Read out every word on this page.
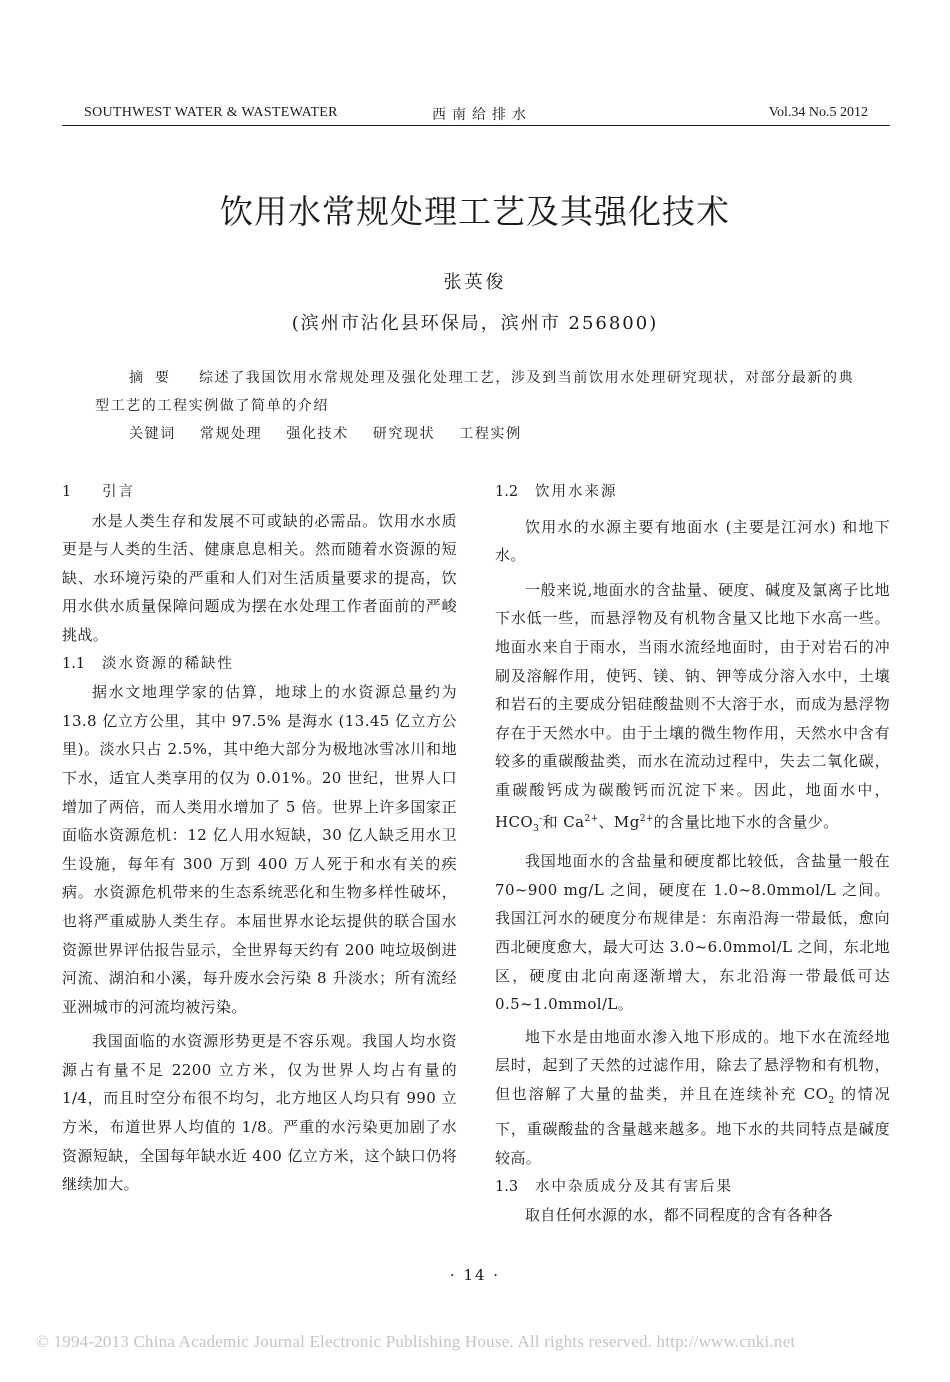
SOUTHWEST WATER & WASTEWATER	西南给排水	Vol.34 No.5 2012
饮用水常规处理工艺及其强化技术
张英俊
(滨州市沾化县环保局，滨州市 256800)
摘要 综述了我国饮用水常规处理及强化处理工艺，涉及到当前饮用水处理研究现状，对部分最新的典型工艺的工程实例做了简单的介绍
关键词 常规处理 强化技术 研究现状 工程实例

1 引言

水是人类生存和发展不可或缺的必需品。饮用水水质更是与人类的生活、健康息息相关。然而随着水资源的短缺、水环境污染的严重和人们对生活质量要求的提高，饮用水供水质量保障问题成为摆在水处理工作者面前的严峻挑战。

1.1 淡水资源的稀缺性

据水文地理学家的估算，地球上的水资源总量约为 13.8 亿立方公里，其中 97.5% 是海水 (13.45 亿立方公里)。淡水只占 2.5%，其中绝大部分为极地冰雪冰川和地下水，适宜人类享用的仅为 0.01%。20 世纪，世界人口增加了两倍，而人类用水增加了 5 倍。世界上许多国家正面临水资源危机：12 亿人用水短缺，30 亿人缺乏用水卫生设施，每年有 300 万到 400 万人死于和水有关的疾病。水资源危机带来的生态系统恶化和生物多样性破坏，也将严重威胁人类生存。本届世界水论坛提供的联合国水资源世界评估报告显示，全世界每天约有 200 吨垃圾倒进河流、湖泊和小溪，每升废水会污染 8 升淡水；所有流经亚洲城市的河流均被污染。

我国面临的水资源形势更是不容乐观。我国人均水资源占有量不足 2200 立方米，仅为世界人均占有量的 1/4，而且时空分布很不均匀，北方地区人均只有 990 立方米，布道世界人均值的 1/8。严重的水污染更加剧了水资源短缺，全国每年缺水近 400 亿立方米，这个缺口仍将继续加大。

1.2 饮用水来源

饮用水的水源主要有地面水 (主要是江河水) 和地下水。

一般来说,地面水的含盐量、硬度、碱度及氯离子比地下水低一些，而悬浮物及有机物含量又比地下水高一些。地面水来自于雨水，当雨水流经地面时，由于对岩石的冲刷及溶解作用，使钙、镁、钠、钾等成分溶入水中，土壤和岩石的主要成分铝硅酸盐则不大溶于水，而成为悬浮物存在于天然水中。由于土壤的微生物作用，天然水中含有较多的重碳酸盐类，而水在流动过程中，失去二氧化碳，重碳酸钙成为碳酸钙而沉淀下来。因此，地面水中，$HCO_3^-$和 $Ca^{2+}$、$Mg^{2+}$的含量比地下水的含量少。

我国地面水的含盐量和硬度都比较低，含盐量一般在 70~900 mg/L 之间，硬度在 1.0~8.0mmol/L 之间。我国江河水的硬度分布规律是：东南沿海一带最低，愈向西北硬度愈大，最大可达 3.0~6.0mmol/L 之间，东北地区，硬度由北向南逐渐增大，东北沿海一带最低可达 0.5~1.0mmol/L。

地下水是由地面水渗入地下形成的。地下水在流经地层时，起到了天然的过滤作用，除去了悬浮物和有机物，但也溶解了大量的盐类，并且在连续补充 $CO_2$ 的情况下，重碳酸盐的含量越来越多。地下水的共同特点是碱度较高。

1.3 水中杂质成分及其有害后果

取自任何水源的水，都不同程度的含有各种各

· 14 ·
© 1994-2013 China Academic Journal Electronic Publishing House. All rights reserved. http://www.cnki.net
